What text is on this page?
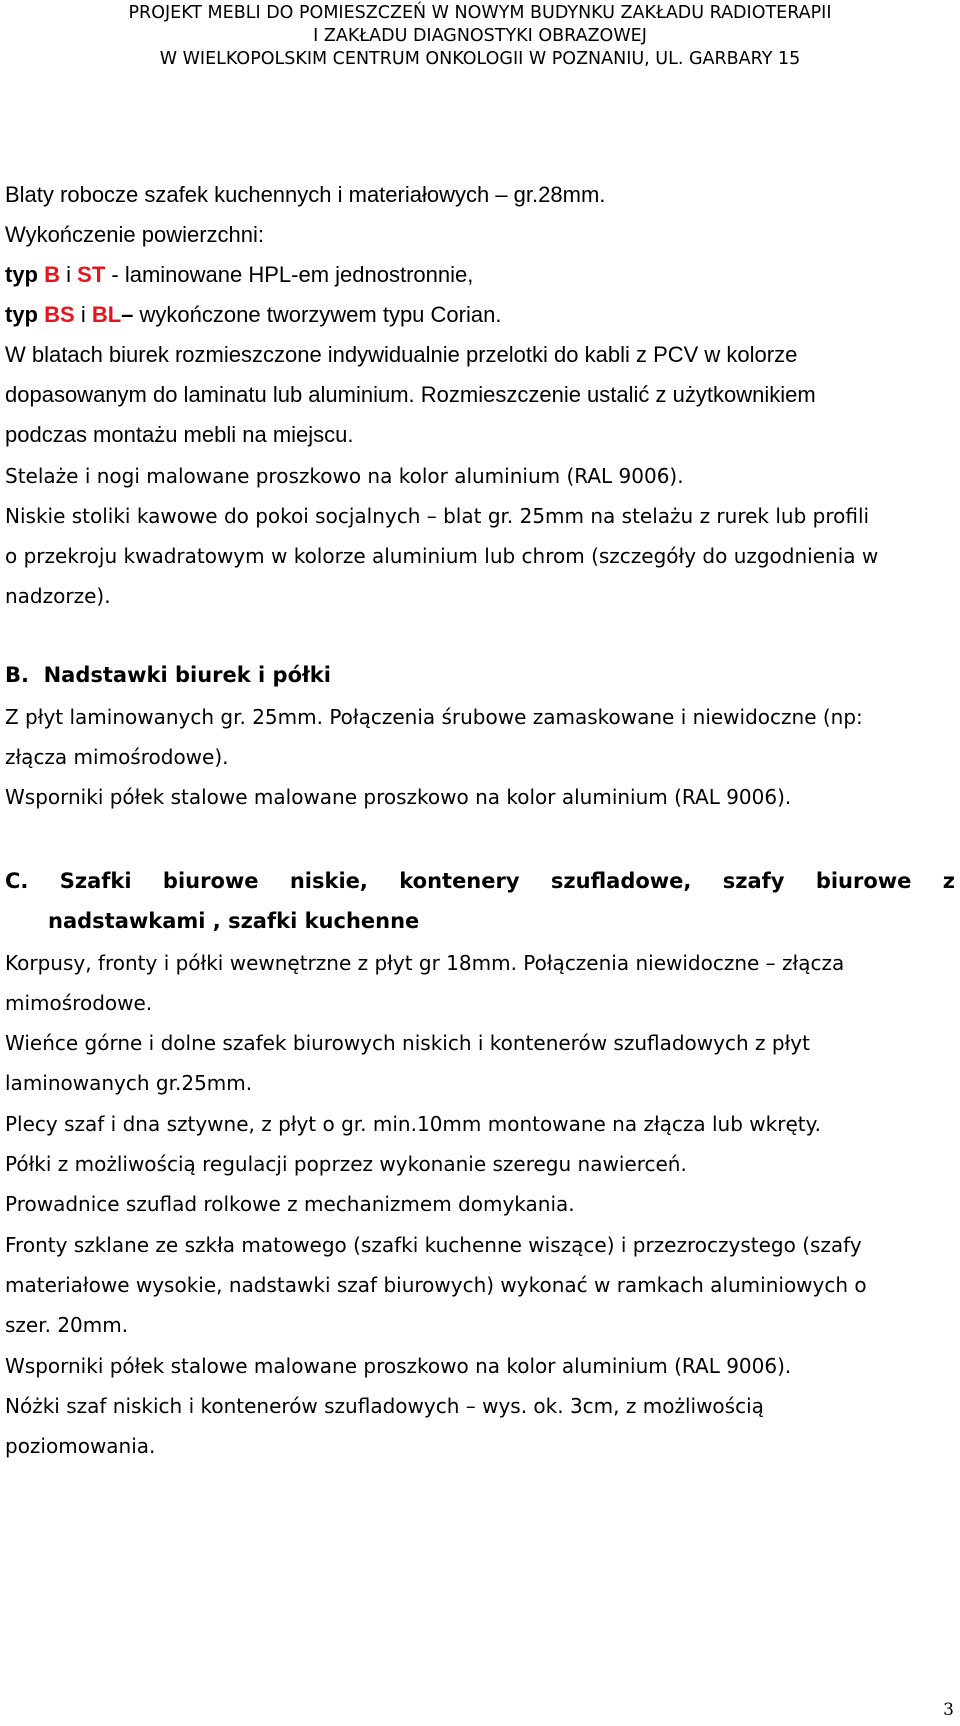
PROJEKT MEBLI DO POMIESZCZEŃ W NOWYM BUDYNKU ZAKŁADU RADIOTERAPII
I ZAKŁADU DIAGNOSTYKI OBRAZOWEJ
W WIELKOPOLSKIM CENTRUM ONKOLOGII W POZNANIU, UL. GARBARY 15
Blaty robocze szafek kuchennych i materiałowych – gr.28mm.
Wykończenie powierzchni:
typ B i ST - laminowane HPL-em jednostronnie,
typ BS i BL– wykończone tworzywem typu Corian.
W blatach biurek rozmieszczone indywidualnie przelotki do kabli z PCV w kolorze
dopasowanym do laminatu lub aluminium. Rozmieszczenie ustalić z użytkownikiem
podczas montażu mebli na miejscu.
Stelaże i nogi malowane proszkowo na kolor aluminium (RAL 9006).
Niskie stoliki kawowe do pokoi socjalnych – blat gr. 25mm na stelażu z rurek lub profili
o przekroju kwadratowym w kolorze aluminium lub chrom (szczegóły do uzgodnienia w
nadzorze).
B. Nadstawki biurek i półki
Z płyt laminowanych gr. 25mm. Połączenia śrubowe zamaskowane i niewidoczne (np:
złącza mimośrodowe).
Wsporniki półek stalowe malowane proszkowo na kolor aluminium (RAL 9006).
C. Szafki biurowe niskie, kontenery szufladowe, szafy biurowe z
nadstawkami , szafki kuchenne
Korpusy, fronty i półki wewnętrzne z płyt gr 18mm. Połączenia niewidoczne – złącza
mimośrodowe.
Wieńce górne i dolne szafek biurowych niskich i kontenerów szufladowych z płyt
laminowanych gr.25mm.
Plecy szaf i dna sztywne, z płyt o gr. min.10mm montowane na złącza lub wkręty.
Półki z możliwością regulacji poprzez wykonanie szeregu nawierceń.
Prowadnice szuflad rolkowe z mechanizmem domykania.
Fronty szklane ze szkła matowego (szafki kuchenne wiszące) i przezroczystego (szafy
materiałowe wysokie, nadstawki szaf biurowych) wykonać w ramkach aluminiowych o
szer. 20mm.
Wsporniki półek stalowe malowane proszkowo na kolor aluminium (RAL 9006).
Nóżki szaf niskich i kontenerów szufladowych – wys. ok. 3cm, z możliwością
poziomowania.
3
